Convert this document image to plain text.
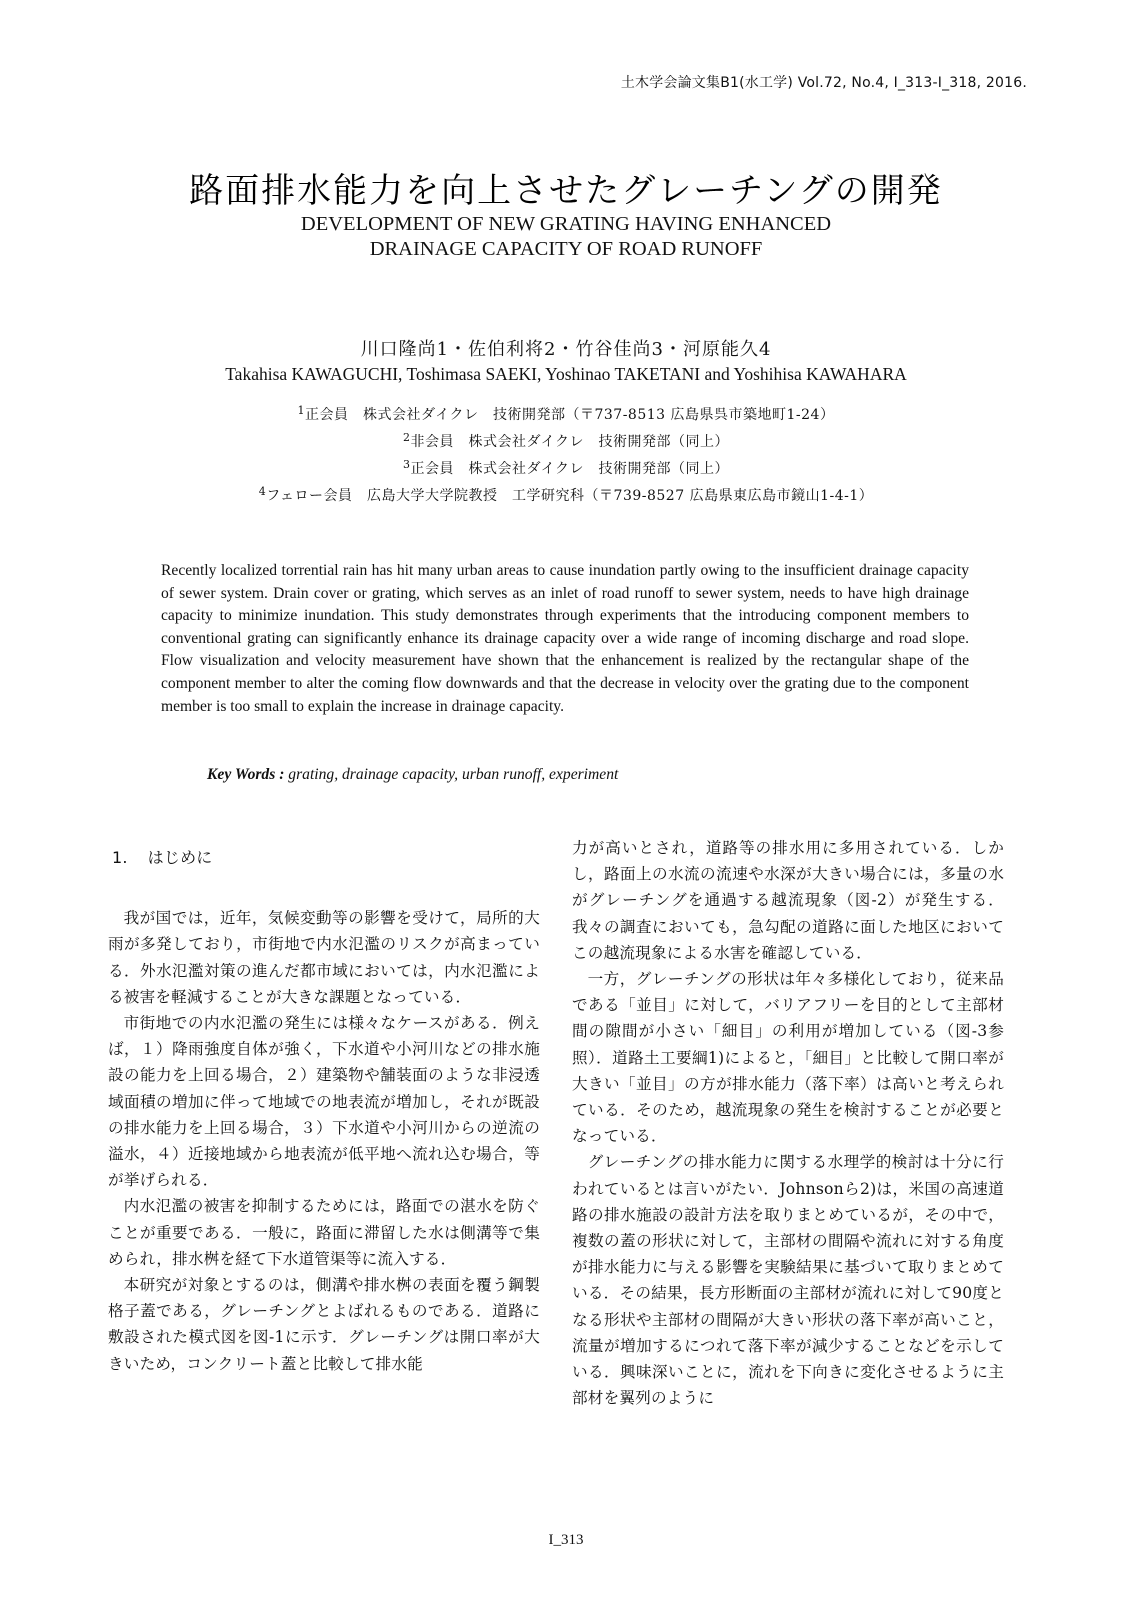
土木学会論文集B1(水工学) Vol.72, No.4, I_313-I_318, 2016.
路面排水能力を向上させたグレーチングの開発
DEVELOPMENT OF NEW GRATING HAVING ENHANCED
DRAINAGE CAPACITY OF ROAD RUNOFF
川口隆尚1・佐伯利将2・竹谷佳尚3・河原能久4
Takahisa KAWAGUCHI, Toshimasa SAEKI, Yoshinao TAKETANI and Yoshihisa KAWAHARA
$^1$正会員　株式会社ダイクレ　技術開発部（〒737-8513 広島県呉市築地町1-24）
$^2$非会員　株式会社ダイクレ　技術開発部（同上）
$^3$正会員　株式会社ダイクレ　技術開発部（同上）
$^4$フェロー会員　広島大学大学院教授　工学研究科（〒739-8527 広島県東広島市鏡山1-4-1）
Recently localized torrential rain has hit many urban areas to cause inundation partly owing to the insufficient drainage capacity of sewer system. Drain cover or grating, which serves as an inlet of road runoff to sewer system, needs to have high drainage capacity to minimize inundation. This study demonstrates through experiments that the introducing component members to conventional grating can significantly enhance its drainage capacity over a wide range of incoming discharge and road slope. Flow visualization and velocity measurement have shown that the enhancement is realized by the rectangular shape of the component member to alter the coming flow downwards and that the decrease in velocity over the grating due to the component member is too small to explain the increase in drainage capacity.
Key Words : grating, drainage capacity, urban runoff, experiment
1. はじめに

我が国では，近年，気候変動等の影響を受けて，局所的大雨が多発しており，市街地で内水氾濫のリスクが高まっている．外水氾濫対策の進んだ都市域においては，内水氾濫による被害を軽減することが大きな課題となっている．

市街地での内水氾濫の発生には様々なケースがある．例えば，１）降雨強度自体が強く，下水道や小河川などの排水施設の能力を上回る場合，２）建築物や舗装面のような非浸透域面積の増加に伴って地域での地表流が増加し，それが既設の排水能力を上回る場合，３）下水道や小河川からの逆流の溢水，４）近接地域から地表流が低平地へ流れ込む場合，等が挙げられる．

内水氾濫の被害を抑制するためには，路面での湛水を防ぐことが重要である．一般に，路面に滞留した水は側溝等で集められ，排水桝を経て下水道管渠等に流入する．

本研究が対象とするのは，側溝や排水桝の表面を覆う鋼製格子蓋である，グレーチングとよばれるものである．道路に敷設された模式図を図-1に示す．グレーチングは開口率が大きいため，コンクリート蓋と比較して排水能

力が高いとされ，道路等の排水用に多用されている．しかし，路面上の水流の流速や水深が大きい場合には，多量の水がグレーチングを通過する越流現象（図-2）が発生する．我々の調査においても，急勾配の道路に面した地区においてこの越流現象による水害を確認している．

一方，グレーチングの形状は年々多様化しており，従来品である「並目」に対して，バリアフリーを目的として主部材間の隙間が小さい「細目」の利用が増加している（図-3参照）．道路土工要綱1)によると，「細目」と比較して開口率が大きい「並目」の方が排水能力（落下率）は高いと考えられている．そのため，越流現象の発生を検討することが必要となっている．

グレーチングの排水能力に関する水理学的検討は十分に行われているとは言いがたい．Johnsonら2)は，米国の高速道路の排水施設の設計方法を取りまとめているが，その中で，複数の蓋の形状に対して，主部材の間隔や流れに対する角度が排水能力に与える影響を実験結果に基づいて取りまとめている．その結果，長方形断面の主部材が流れに対して90度となる形状や主部材の間隔が大きい形状の落下率が高いこと，流量が増加するにつれて落下率が減少することなどを示している．興味深いことに，流れを下向きに変化させるように主部材を翼列のように

I_313
